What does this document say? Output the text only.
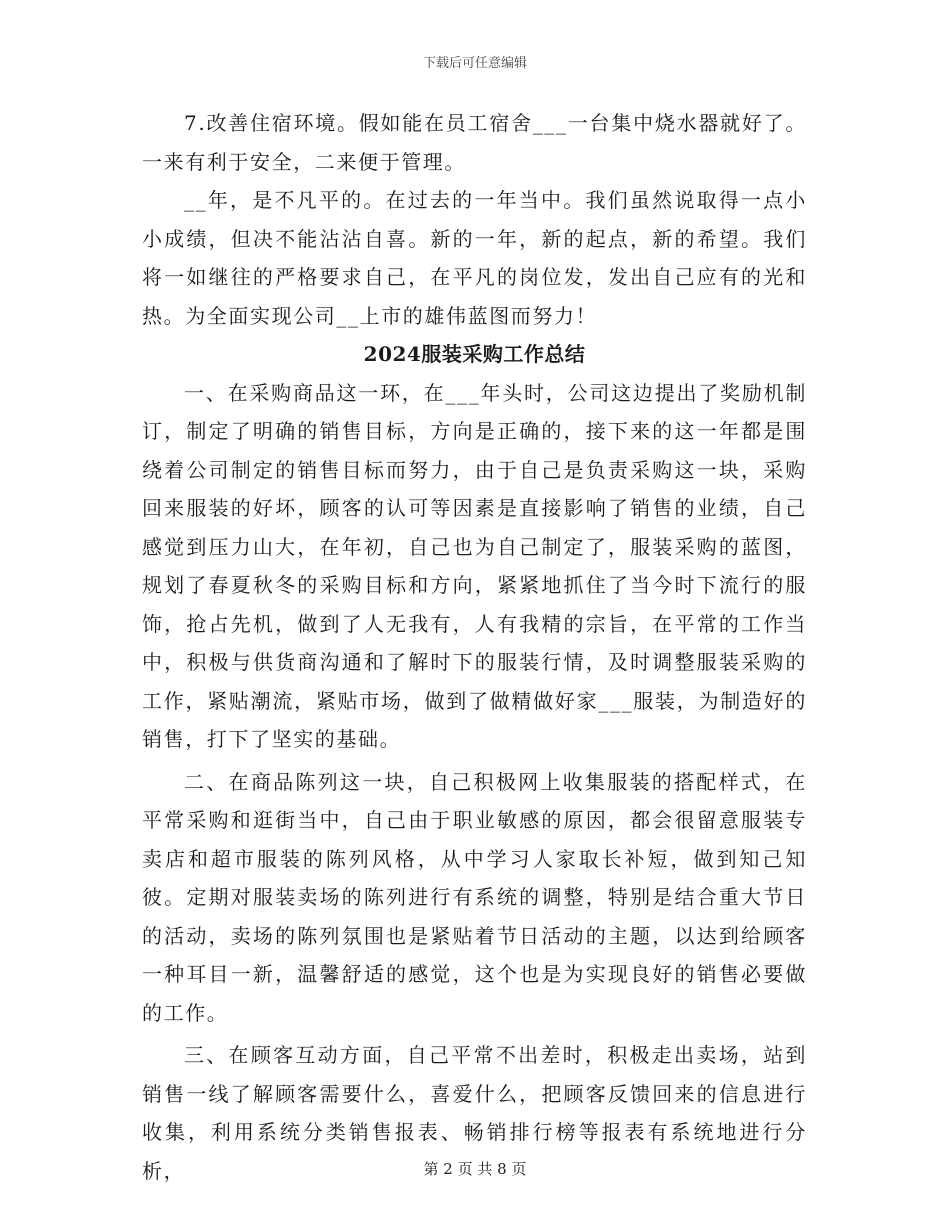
下载后可任意编辑

7.改善住宿环境。假如能在员工宿舍___一台集中烧水器就好了。一来有利于安全，二来便于管理。

__年，是不凡平的。在过去的一年当中。我们虽然说取得一点小小成绩，但决不能沾沾自喜。新的一年，新的起点，新的希望。我们将一如继往的严格要求自己，在平凡的岗位发，发出自己应有的光和热。为全面实现公司__上市的雄伟蓝图而努力！

2024服装采购工作总结

一、在采购商品这一环，在___年头时，公司这边提出了奖励机制订，制定了明确的销售目标，方向是正确的，接下来的这一年都是围绕着公司制定的销售目标而努力，由于自己是负责采购这一块，采购回来服装的好坏，顾客的认可等因素是直接影响了销售的业绩，自己感觉到压力山大，在年初，自己也为自己制定了，服装采购的蓝图，规划了春夏秋冬的采购目标和方向，紧紧地抓住了当今时下流行的服饰，抢占先机，做到了人无我有，人有我精的宗旨，在平常的工作当中，积极与供货商沟通和了解时下的服装行情，及时调整服装采购的工作，紧贴潮流，紧贴市场，做到了做精做好家___服装，为制造好的销售，打下了坚实的基础。

二、在商品陈列这一块，自己积极网上收集服装的搭配样式，在平常采购和逛街当中，自己由于职业敏感的原因，都会很留意服装专卖店和超市服装的陈列风格，从中学习人家取长补短，做到知己知彼。定期对服装卖场的陈列进行有系统的调整，特别是结合重大节日的活动，卖场的陈列氛围也是紧贴着节日活动的主题，以达到给顾客一种耳目一新，温馨舒适的感觉，这个也是为实现良好的销售必要做的工作。

三、在顾客互动方面，自己平常不出差时，积极走出卖场，站到销售一线了解顾客需要什么，喜爱什么，把顾客反馈回来的信息进行收集，利用系统分类销售报表、畅销排行榜等报表有系统地进行分析，	第 2 页 共 8 页
